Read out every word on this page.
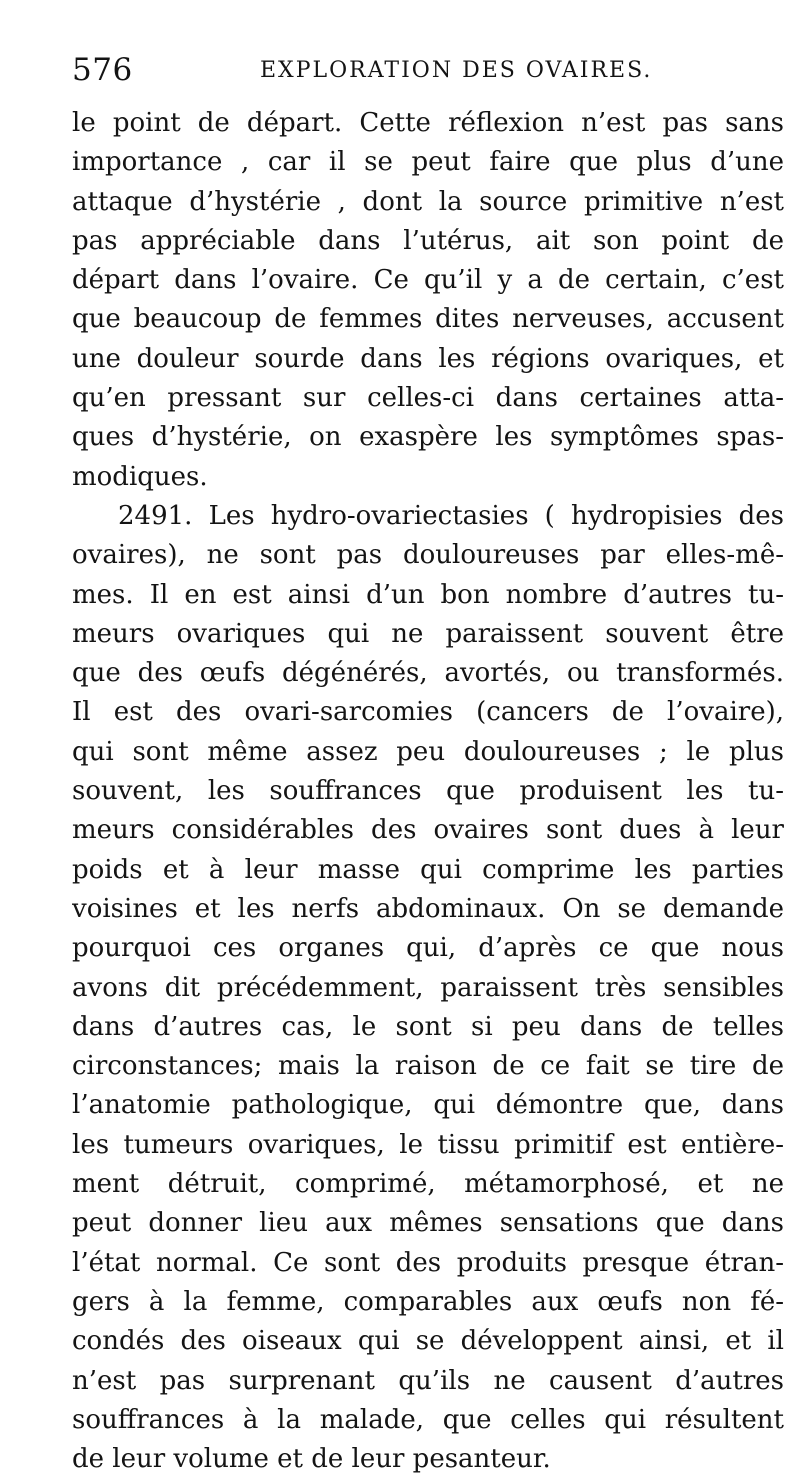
576	EXPLORATION DES OVAIRES.
le point de départ. Cette réflexion n’est pas sans
importance , car il se peut faire que plus d’une
attaque d’hystérie , dont la source primitive n’est
pas appréciable dans l’utérus, ait son point de
départ dans l’ovaire. Ce qu’il y a de certain, c’est
que beaucoup de femmes dites nerveuses, accusent
une douleur sourde dans les régions ovariques, et
qu’en pressant sur celles-ci dans certaines atta-
ques d’hystérie, on exaspère les symptômes spas-
modiques.
2491. Les hydro-ovariectasies ( hydropisies des
ovaires), ne sont pas douloureuses par elles-mê-
mes. Il en est ainsi d’un bon nombre d’autres tu-
meurs ovariques qui ne paraissent souvent être
que des œufs dégénérés, avortés, ou transformés.
Il est des ovari-sarcomies (cancers de l’ovaire),
qui sont même assez peu douloureuses ; le plus
souvent, les souffrances que produisent les tu-
meurs considérables des ovaires sont dues à leur
poids et à leur masse qui comprime les parties
voisines et les nerfs abdominaux. On se demande
pourquoi ces organes qui, d’après ce que nous
avons dit précédemment, paraissent très sensibles
dans d’autres cas, le sont si peu dans de telles
circonstances; mais la raison de ce fait se tire de
l’anatomie pathologique, qui démontre que, dans
les tumeurs ovariques, le tissu primitif est entière-
ment détruit, comprimé, métamorphosé, et ne
peut donner lieu aux mêmes sensations que dans
l’état normal. Ce sont des produits presque étran-
gers à la femme, comparables aux œufs non fé-
condés des oiseaux qui se développent ainsi, et il
n’est pas surprenant qu’ils ne causent d’autres
souffrances à la malade, que celles qui résultent
de leur volume et de leur pesanteur.
